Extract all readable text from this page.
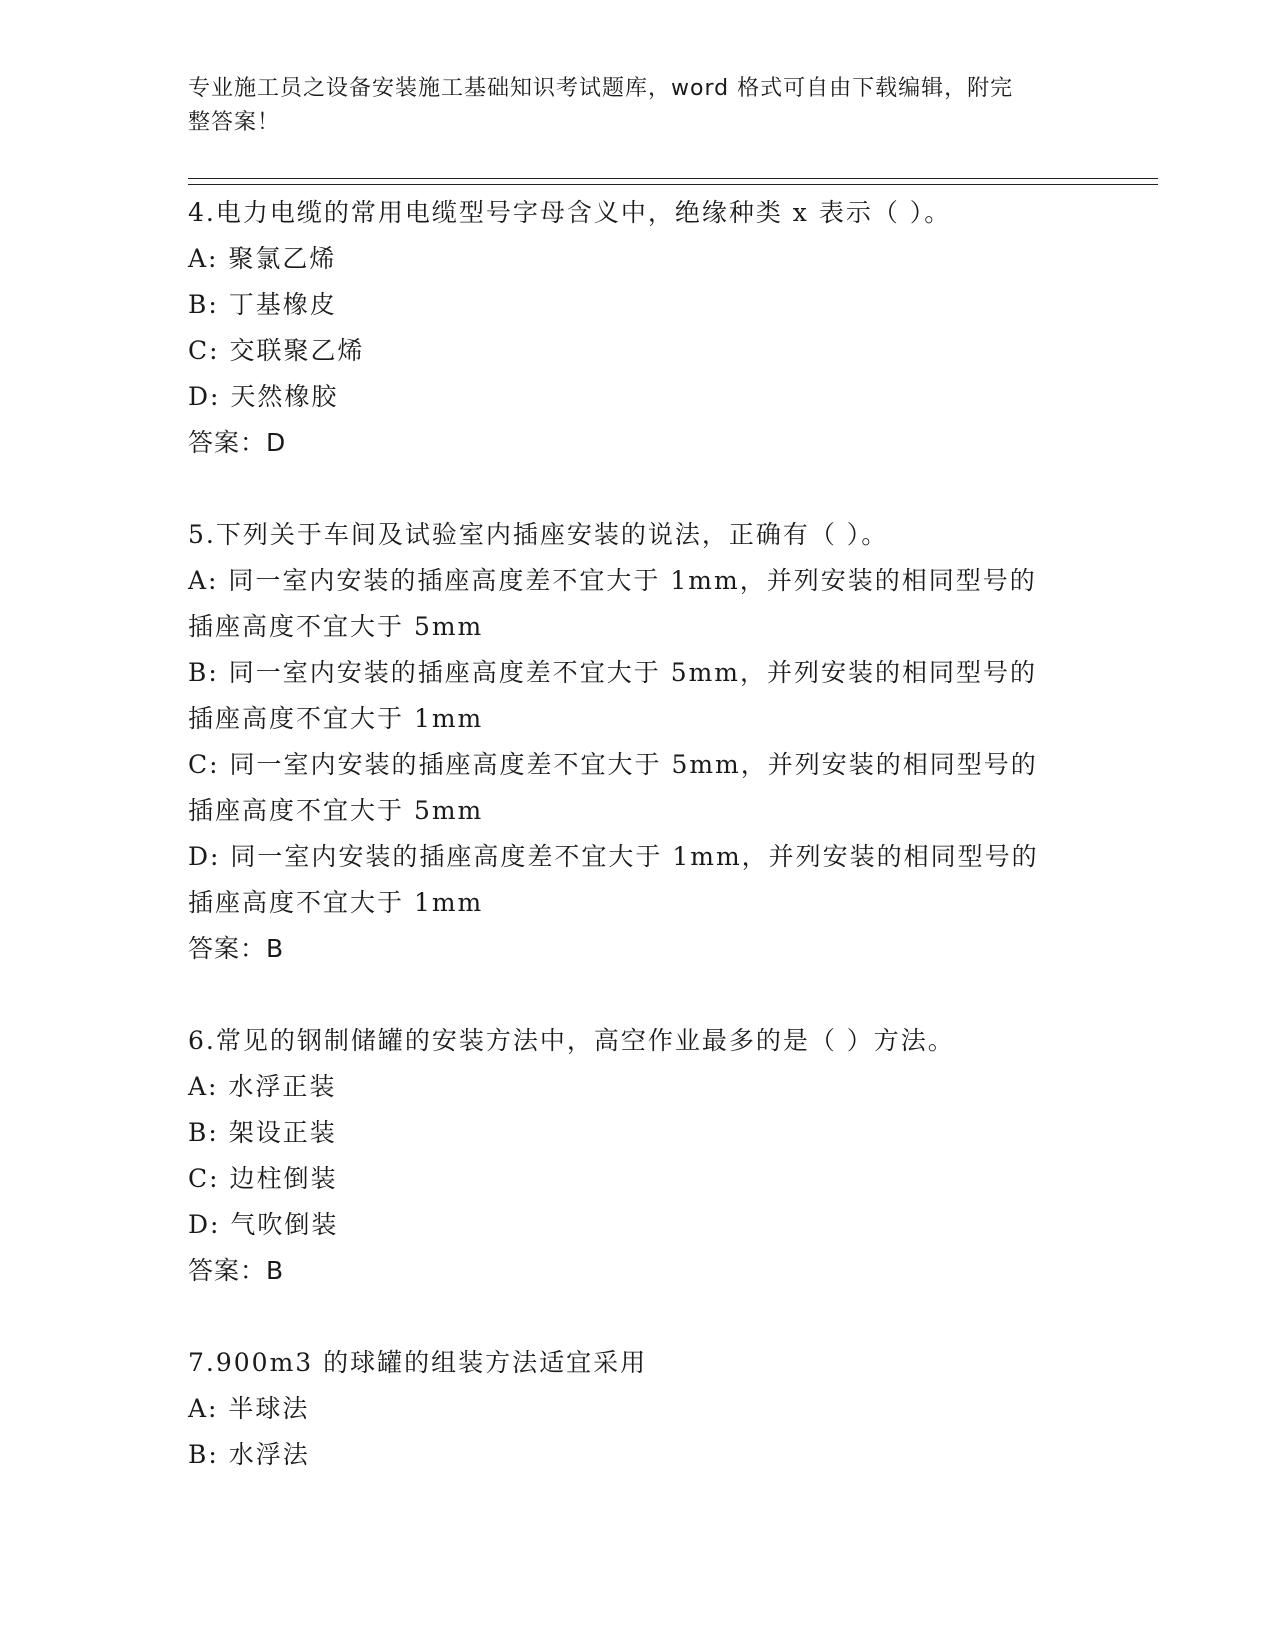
专业施工员之设备安装施工基础知识考试题库，word 格式可自由下载编辑，附完
整答案！
4.电力电缆的常用电缆型号字母含义中，绝缘种类 x 表示（ ）。
A: 聚氯乙烯
B: 丁基橡皮
C: 交联聚乙烯
D: 天然橡胶
答案：D
5.下列关于车间及试验室内插座安装的说法，正确有（ ）。
A: 同一室内安装的插座高度差不宜大于 1mm，并列安装的相同型号的
插座高度不宜大于 5mm
B: 同一室内安装的插座高度差不宜大于 5mm，并列安装的相同型号的
插座高度不宜大于 1mm
C: 同一室内安装的插座高度差不宜大于 5mm，并列安装的相同型号的
插座高度不宜大于 5mm
D: 同一室内安装的插座高度差不宜大于 1mm，并列安装的相同型号的
插座高度不宜大于 1mm
答案：B
6.常见的钢制储罐的安装方法中，高空作业最多的是（ ）方法。
A: 水浮正装
B: 架设正装
C: 边柱倒装
D: 气吹倒装
答案：B
7.900m3 的球罐的组装方法适宜采用
A: 半球法
B: 水浮法
